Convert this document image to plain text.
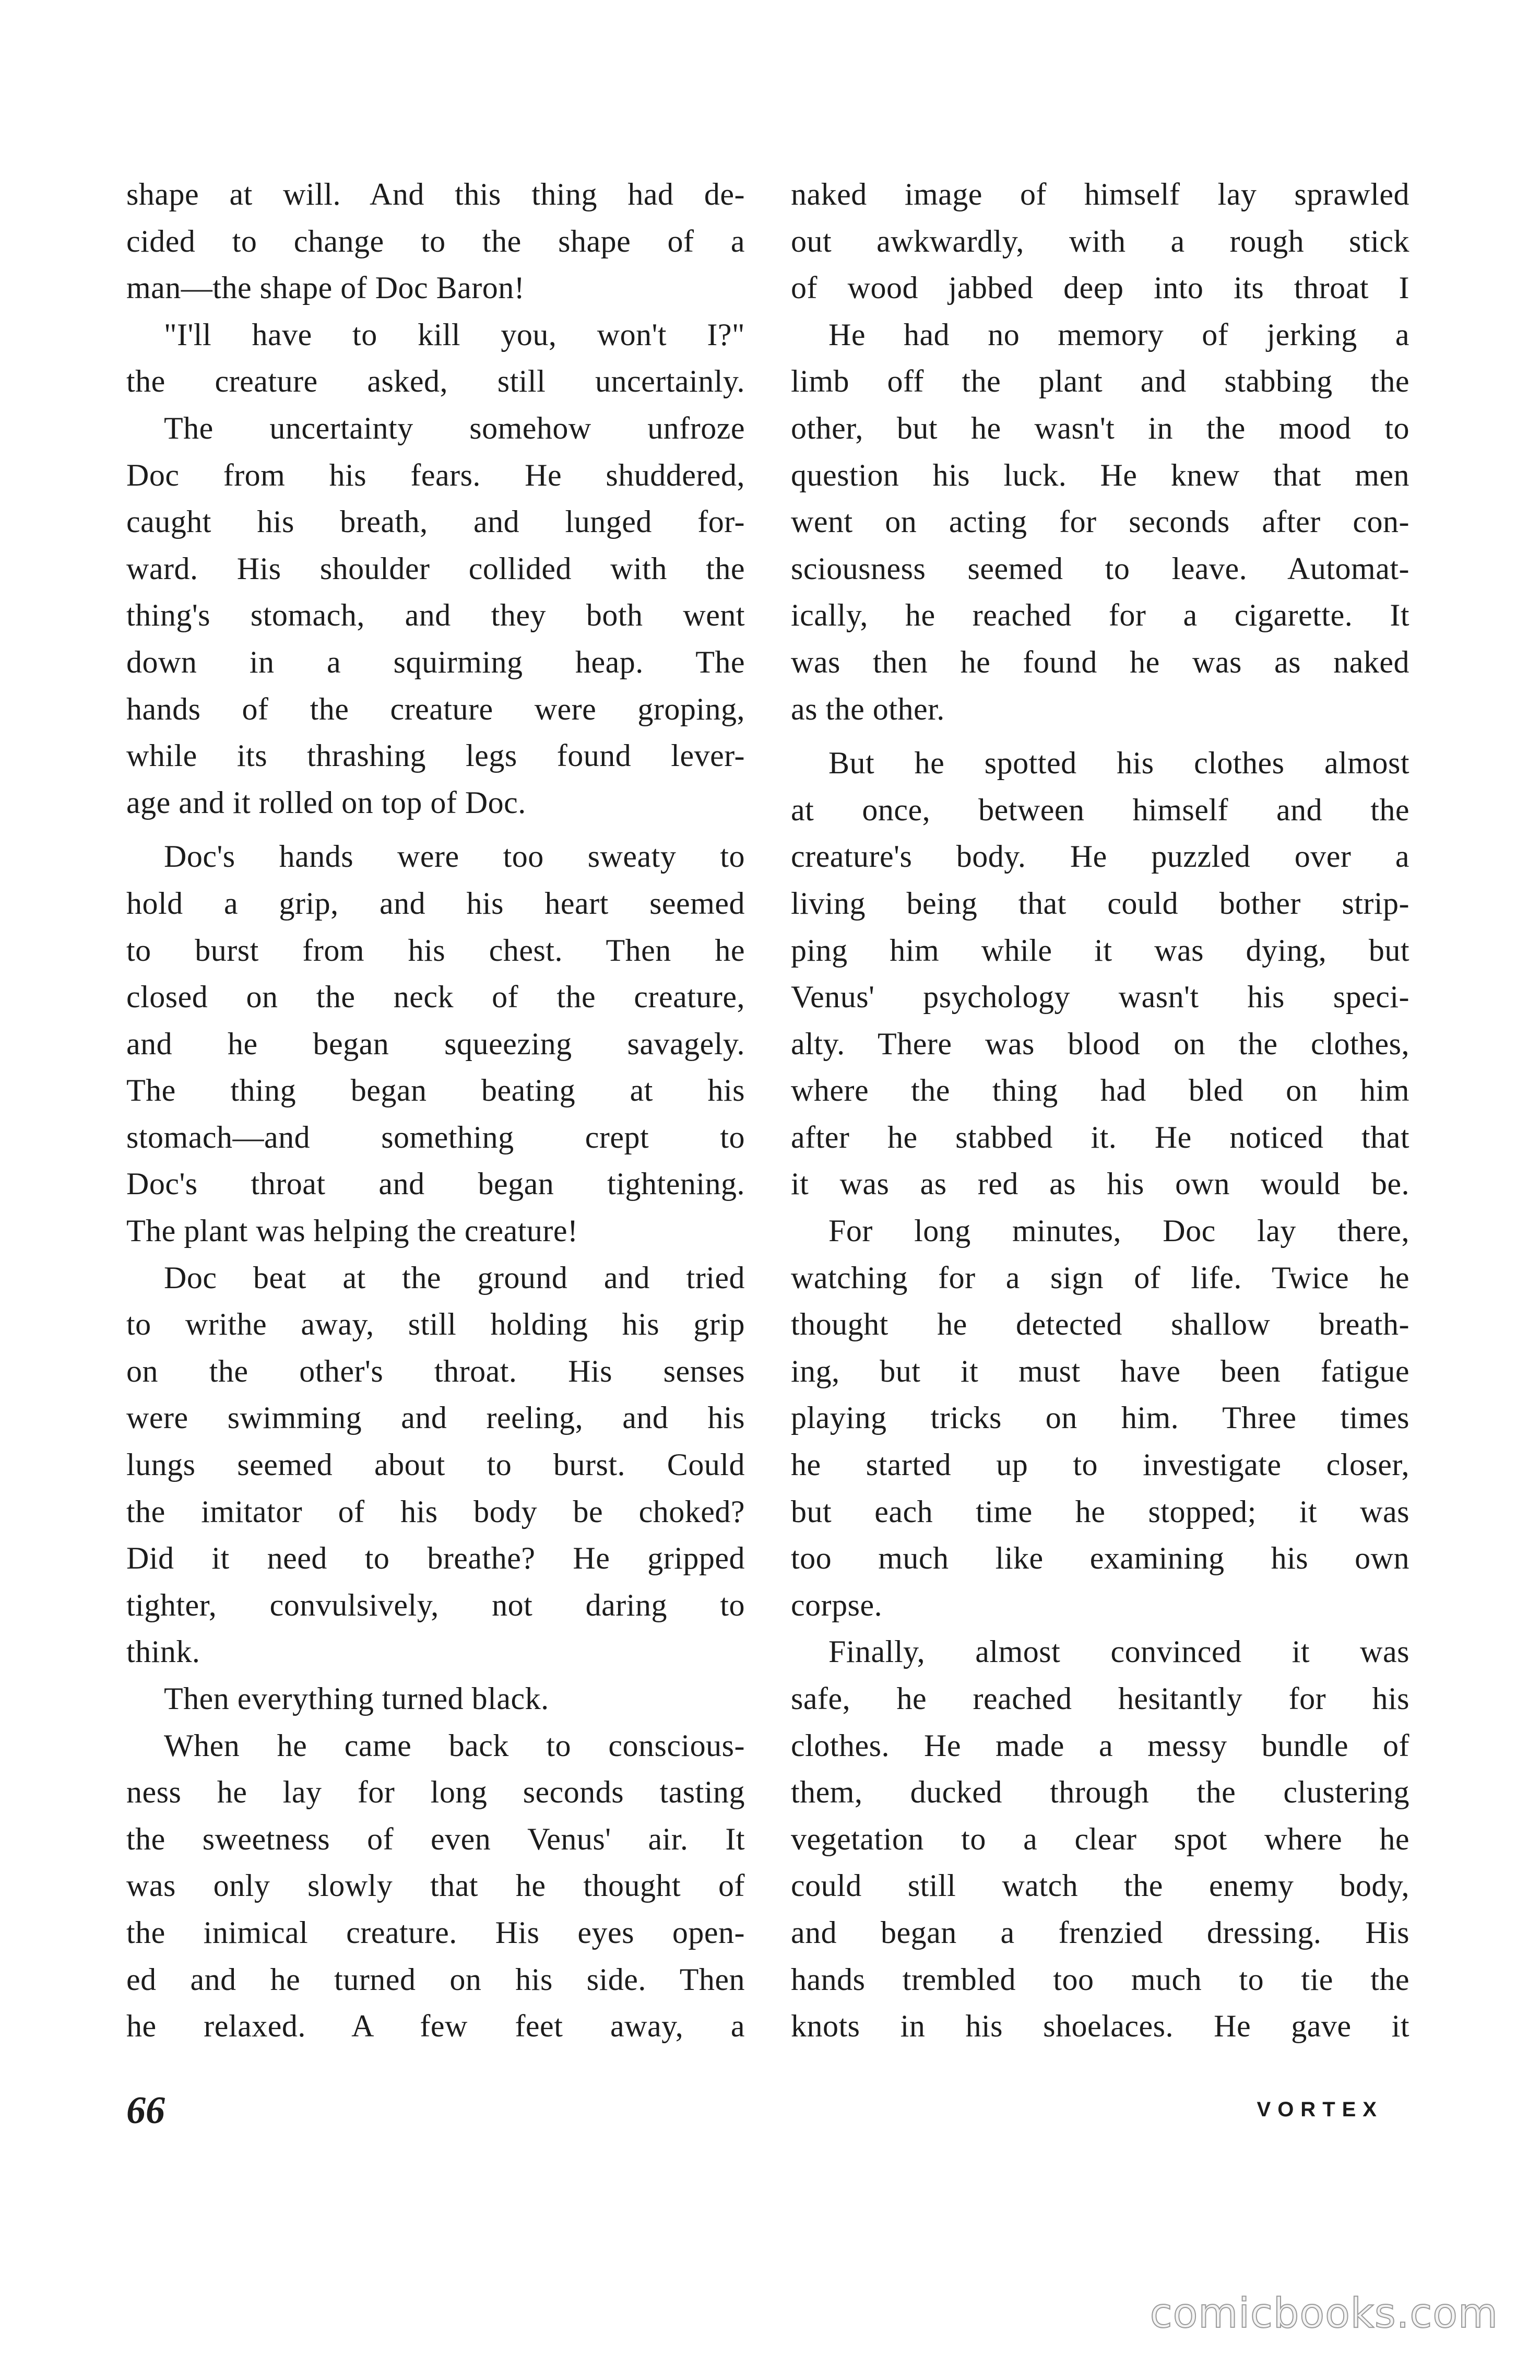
shape at will. And this thing had de-
cided to change to the shape of a
man—the shape of Doc Baron!
"I'll have to kill you, won't I?"
the creature asked, still uncertainly.
The uncertainty somehow unfroze
Doc from his fears. He shuddered,
caught his breath, and lunged for-
ward. His shoulder collided with the
thing's stomach, and they both went
down in a squirming heap. The
hands of the creature were groping,
while its thrashing legs found lever-
age and it rolled on top of Doc.
Doc's hands were too sweaty to
hold a grip, and his heart seemed
to burst from his chest. Then he
closed on the neck of the creature,
and he began squeezing savagely.
The thing began beating at his
stomach—and something crept to
Doc's throat and began tightening.
The plant was helping the creature!
Doc beat at the ground and tried
to writhe away, still holding his grip
on the other's throat. His senses
were swimming and reeling, and his
lungs seemed about to burst. Could
the imitator of his body be choked?
Did it need to breathe? He gripped
tighter, convulsively, not daring to
think.
Then everything turned black.
When he came back to conscious-
ness he lay for long seconds tasting
the sweetness of even Venus' air. It
was only slowly that he thought of
the inimical creature. His eyes open-
ed and he turned on his side. Then
he relaxed. A few feet away, a
naked image of himself lay sprawled
out awkwardly, with a rough stick
of wood jabbed deep into its throat I
He had no memory of jerking a
limb off the plant and stabbing the
other, but he wasn't in the mood to
question his luck. He knew that men
went on acting for seconds after con-
sciousness seemed to leave. Automat-
ically, he reached for a cigarette. It
was then he found he was as naked
as the other.
But he spotted his clothes almost
at once, between himself and the
creature's body. He puzzled over a
living being that could bother strip-
ping him while it was dying, but
Venus' psychology wasn't his speci-
alty. There was blood on the clothes,
where the thing had bled on him
after he stabbed it. He noticed that
it was as red as his own would be.
For long minutes, Doc lay there,
watching for a sign of life. Twice he
thought he detected shallow breath-
ing, but it must have been fatigue
playing tricks on him. Three times
he started up to investigate closer,
but each time he stopped; it was
too much like examining his own
corpse.
Finally, almost convinced it was
safe, he reached hesitantly for his
clothes. He made a messy bundle of
them, ducked through the clustering
vegetation to a clear spot where he
could still watch the enemy body,
and began a frenzied dressing. His
hands trembled too much to tie the
knots in his shoelaces. He gave it
66	VORTEX
comicbooks.com
